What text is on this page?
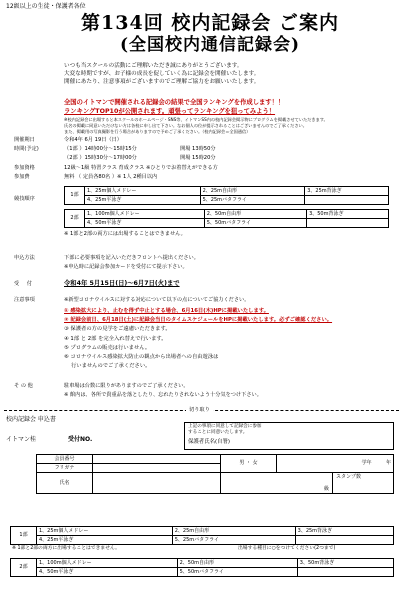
12級以上の生徒・保護者各位
第134回 校内記録会 ご案内
(全国校内通信記録会)
いつも当スクールの活動にご理解いただき誠にありがとうございます。
大変な時期ですが、お子様の成長を促していく為に記録会を開催いたします。
開催にあたり、注意事項がございますのでご理解ご協力をお願いいたします。
全国のイトマンで開催される記録会の結果で全国ランキングを作成します！！
ランキングTOP10が公開されます。頑張ってランキングを狙ってみよう！
※校内記録会に出場すると本スクールのホームページ・SNS等、イトマンSS内の校内記録会掲示物にプログラムを掲載させていただきます。
氏名の掲載に同意いただけない方は各校に申し出て下さい。なお個人の位が提示されることはございませんのでご了承ください。
また、掲載用の写真撮影を行う場合がありますので予めご了承ください。（校内記録会＝全国通信）
開催期日	令和4年 6月 19日（日）
時間(予定)	（1部 ）14時00分～15時15分	開場 13時50分
（2部 ）15時30分～17時00分	開場 15時20分
参加資格	12級～1級 特習クラス 育成クラス ※ひとりでお着替えができる方
参加費	無料 （ 定員各80名 ）※ 1人 2種目以内
競技順序
1部	1、25m個人メドレー	2、25m自由形	3、25m背泳ぎ
	4、25m平泳ぎ	5、25mバタフライ	
2部	1、100m個人メドレー	2、50m自由形	3、50m背泳ぎ
	4、50m平泳ぎ	5、50mバタフライ	
※ 1部と2部の両方には出場することはできません。
申込方法	下部に必要事項を記入いただきフロントへ提出ください。
※申込時に記録会参加カードを受付にて提示下さい。
受 付	令和4年 5月15日(日)～6月7日(火)まで
注意事項	※新型コロナウイルスに対する対応について以下の点についてご協力ください。
① 感染拡大により、止むを得ず中止とする場合、6月16日(木)HPに掲載いたします。
② 記録会前日、6月18日(土)に記録会当日のタイムスケジュールをHPに掲載いたします。必ずご確認ください。
③ 保護者の方の見学をご遠慮いただきます。
④ 1部 と 2部 を完全入れ替えで行います。
⑤ プログラムの販売は行いません。
⑥ コロナウイルス感染拡大防止の観点から出場者への自由遊泳は
　 行いませんのでご了承ください。
そ の 他	駐車場は台数に限りがありますのでご了承ください。
※ 館内は、各所で貴重品を落としたり、忘れたりされないよう十分気をつけ下さい。
切り取り
校内記録会 申込書
上記の事項に同意して記録会に参加
することに同意いたします。
保護者氏名(自署)
イトマン桂	受付NO.
会員番号		男 ・ 女	学年 年
フリガナ			
氏名		級
スタンプ数	
1部	1、25m個人メドレー	2、25m自由形	3、25m背泳ぎ
	4、25m平泳ぎ	5、25mバタフライ	
※ 1部と2部の両方に出場することはできません。	出場する種目に○をつけてください(2つまで)
2部	1、100m個人メドレー	2、50m自由形	3、50m背泳ぎ
	4、50m平泳ぎ	5、50mバタフライ	
